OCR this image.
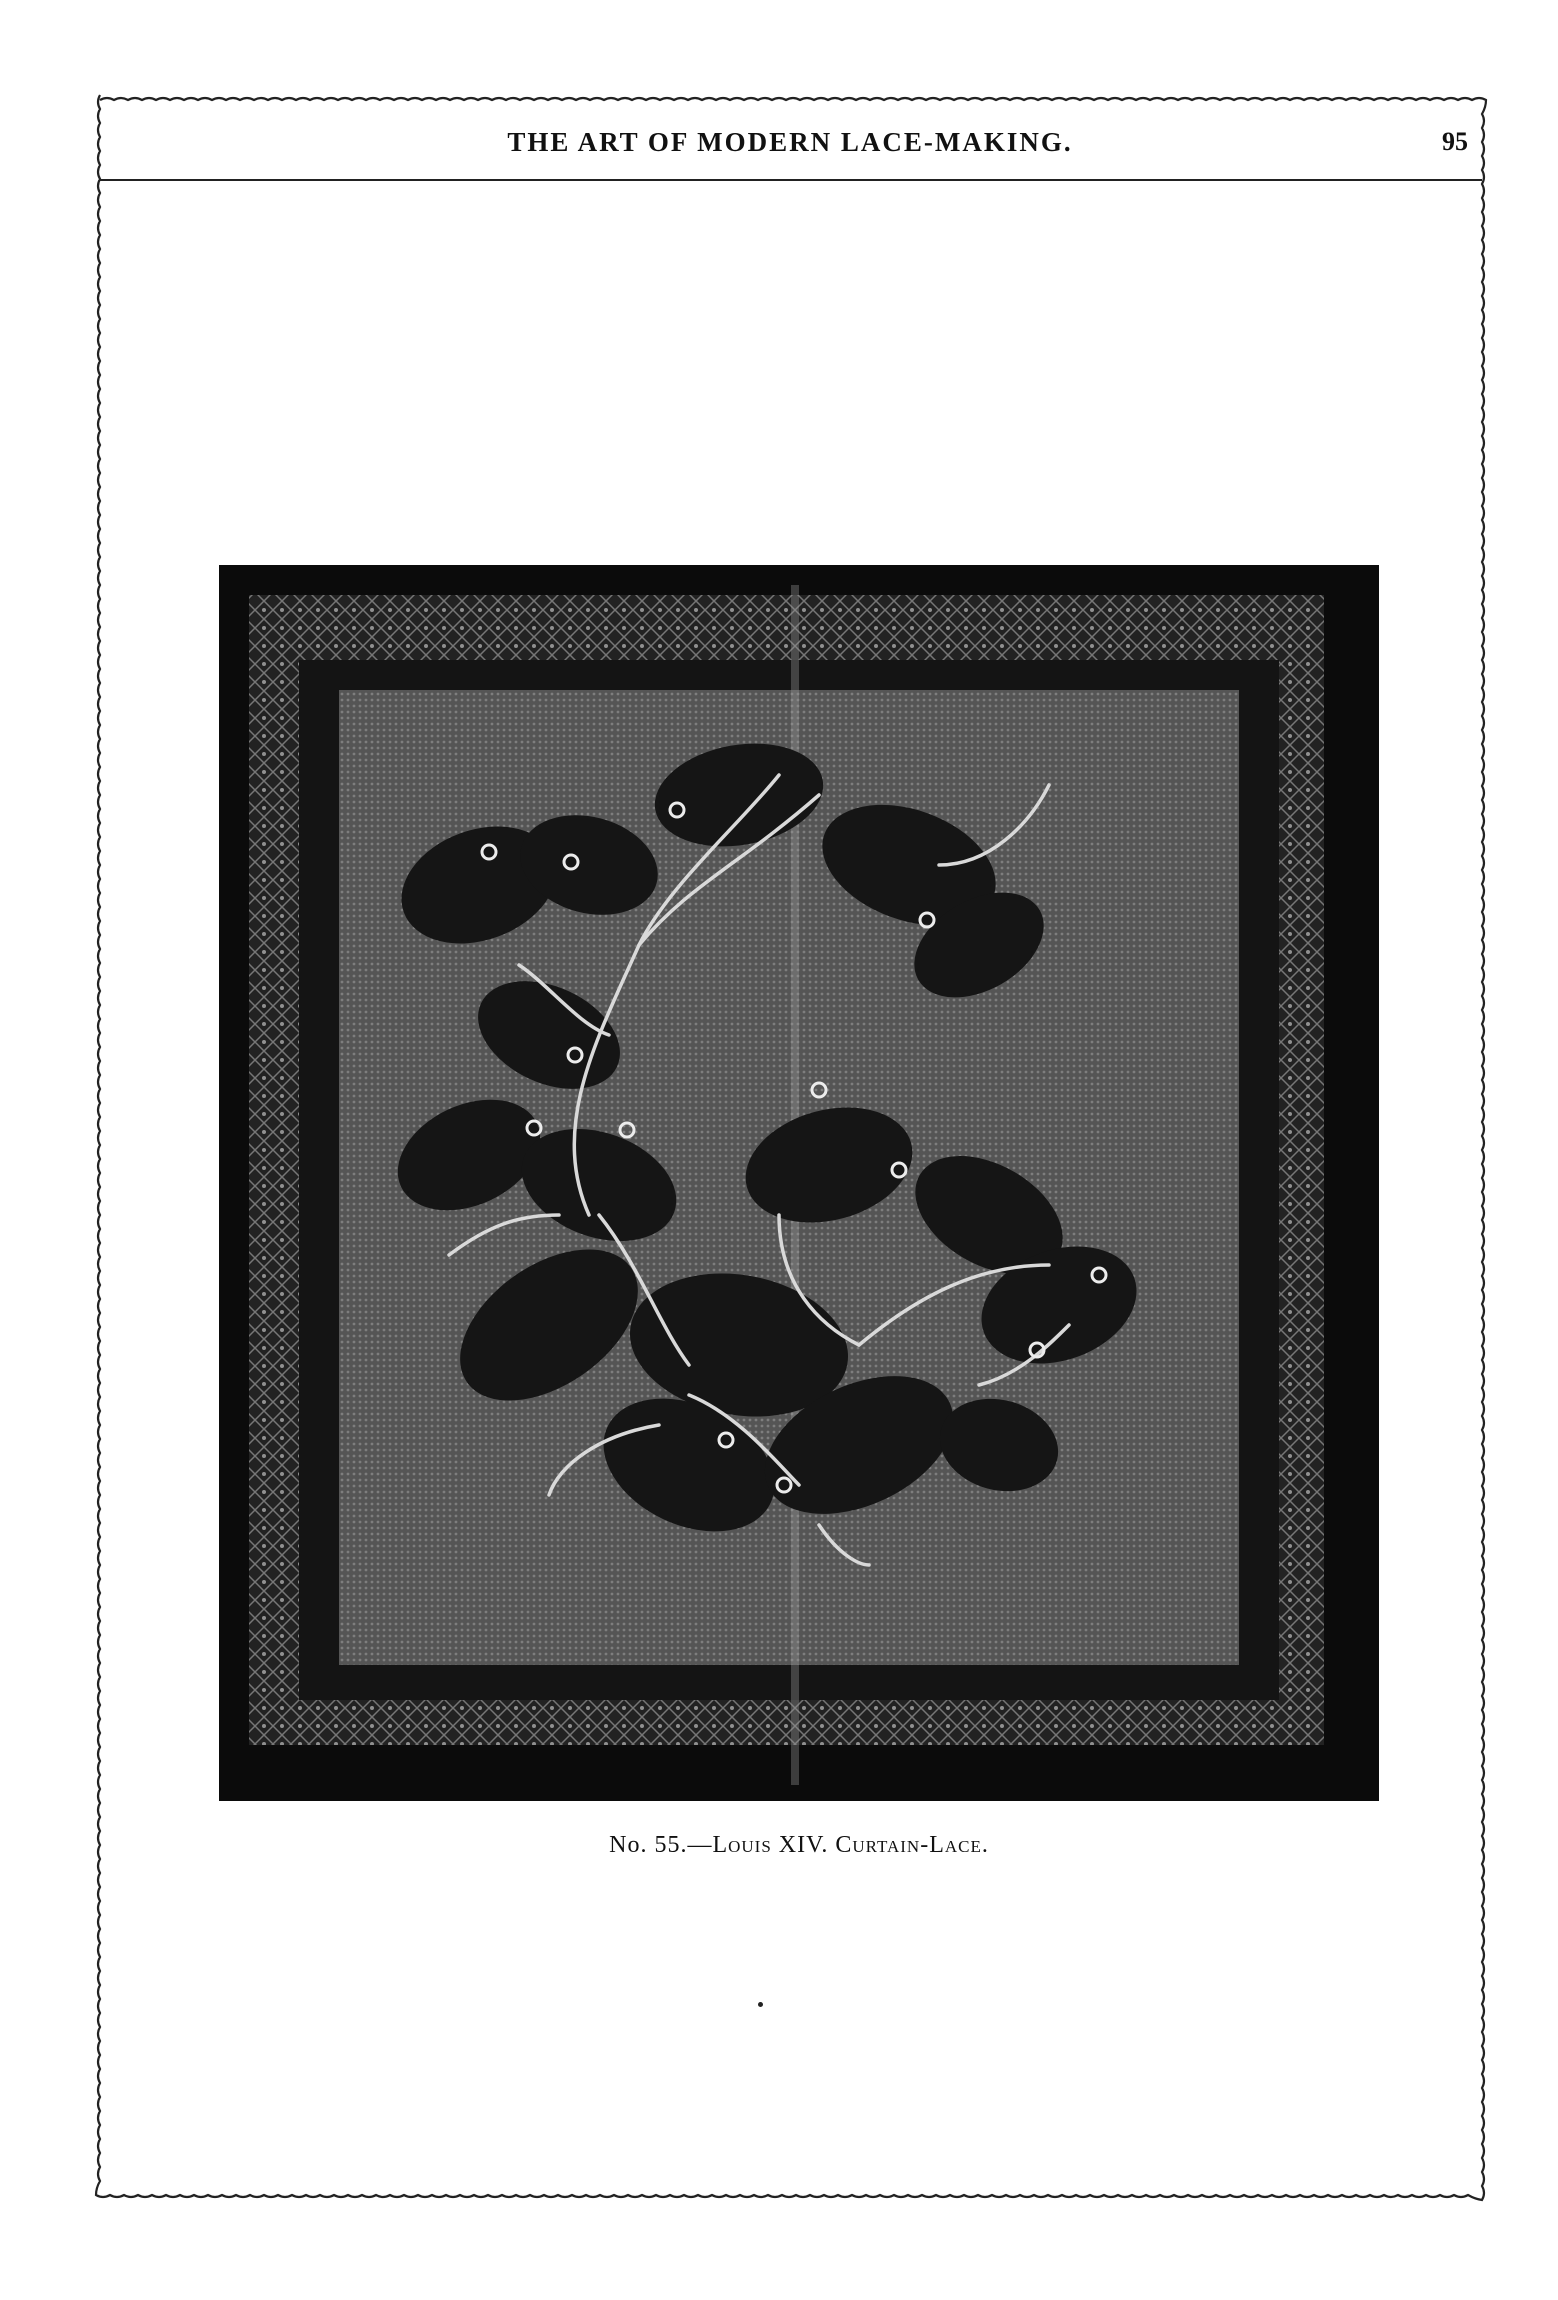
THE ART OF MODERN LACE-MAKING.	95
No. 55.—Louis XIV. Curtain-Lace.
